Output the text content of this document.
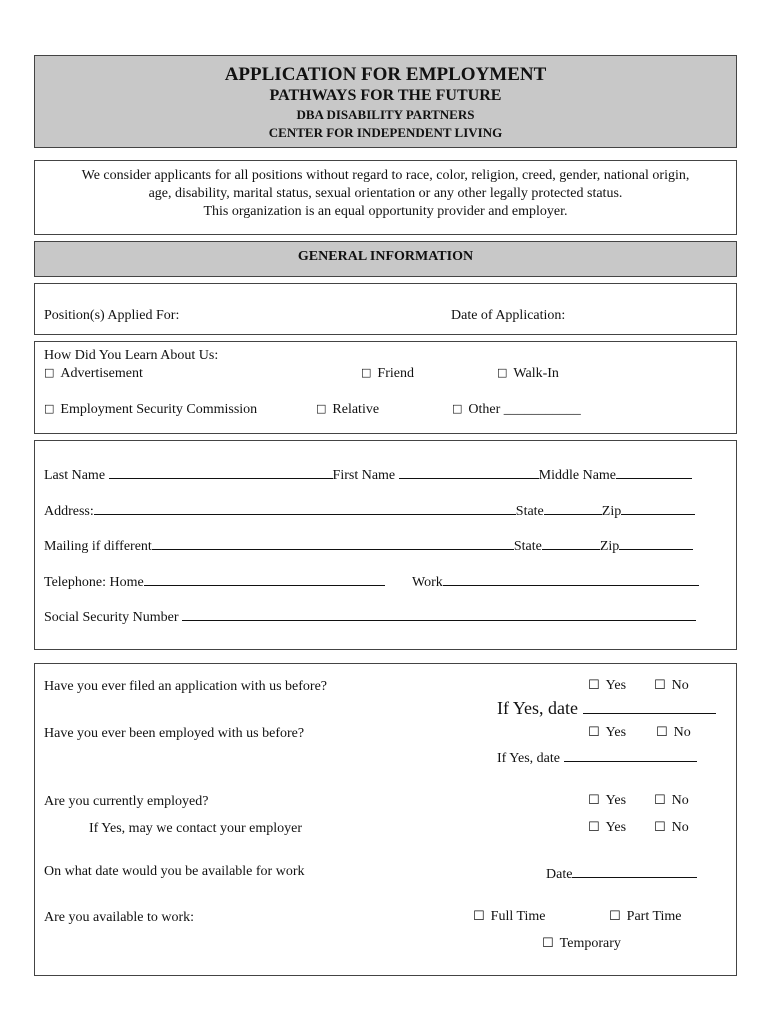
APPLICATION FOR EMPLOYMENT
PATHWAYS FOR THE FUTURE
DBA DISABILITY PARTNERS
CENTER FOR INDEPENDENT LIVING
We consider applicants for all positions without regard to race, color, religion, creed, gender, national origin,
age, disability, marital status, sexual orientation or any other legally protected status.
This organization is an equal opportunity provider and employer.
GENERAL INFORMATION
Position(s) Applied For:	Date of Application:
How Did You Learn About Us:
□ Advertisement	□ Friend	□ Walk-In
□ Employment Security Commission	□ Relative	□ Other ___________
Last Name	First Name	Middle Name
Address:	State	Zip
Mailing if different	State	Zip
Telephone: Home	Work
Social Security Number
Have you ever filed an application with us before?	☐ Yes ☐ No
If Yes, date
Have you ever been employed with us before?	☐ Yes ☐ No
If Yes, date
Are you currently employed?	☐ Yes ☐ No
If Yes, may we contact your employer	☐ Yes ☐ No
On what date would you be available for work	Date
Are you available to work:	☐ Full Time	☐ Part Time
☐ Temporary
